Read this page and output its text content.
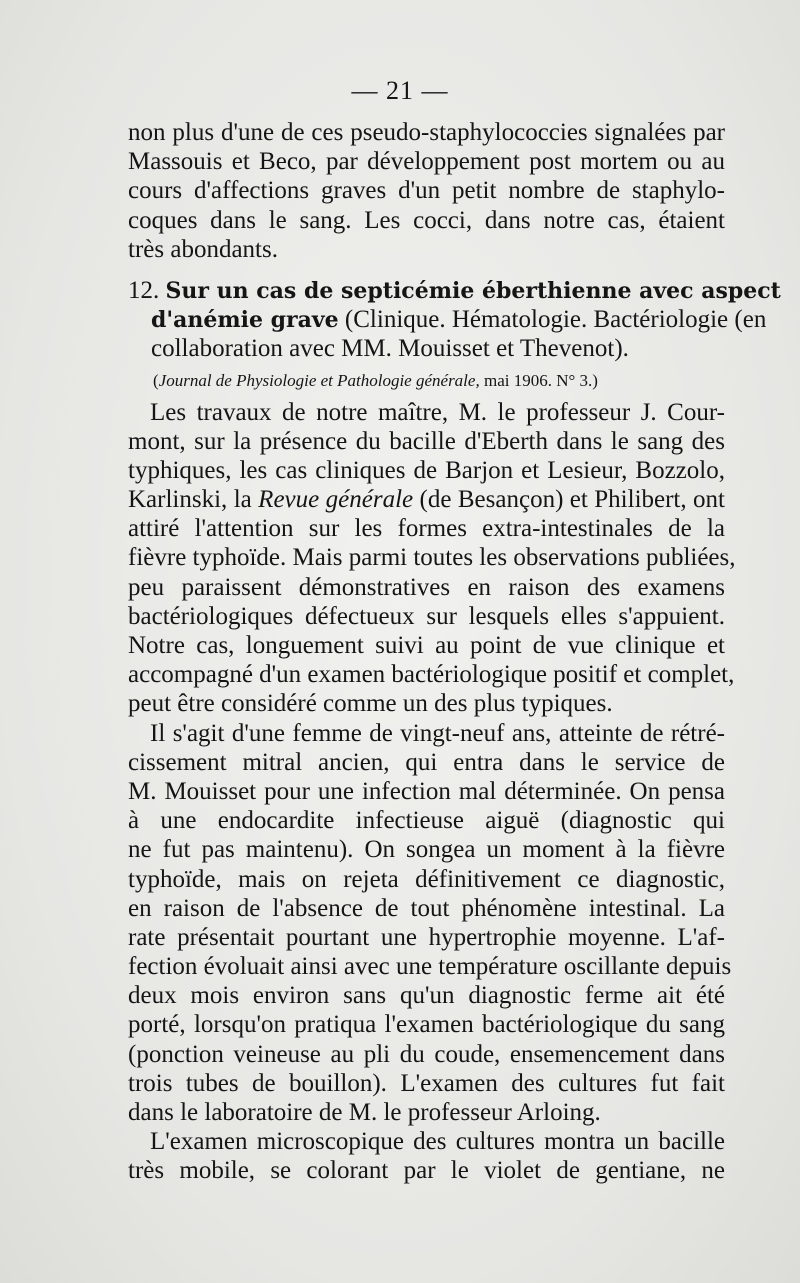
— 21 —
non plus d'une de ces pseudo-staphylococcies signalées par
Massouis et Beco, par développement post mortem ou au
cours d'affections graves d'un petit nombre de staphylo-
coques dans le sang. Les cocci, dans notre cas, étaient
très abondants.
12. Sur un cas de septicémie éberthienne avec aspect
d'anémie grave (Clinique. Hématologie. Bactériologie (en
collaboration avec MM. Mouisset et Thevenot).
(Journal de Physiologie et Pathologie générale, mai 1906. N° 3.)
Les travaux de notre maître, M. le professeur J. Cour-
mont, sur la présence du bacille d'Eberth dans le sang des
typhiques, les cas cliniques de Barjon et Lesieur, Bozzolo,
Karlinski, la Revue générale (de Besançon) et Philibert, ont
attiré l'attention sur les formes extra-intestinales de la
fièvre typhoïde. Mais parmi toutes les observations publiées,
peu paraissent démonstratives en raison des examens
bactériologiques défectueux sur lesquels elles s'appuient.
Notre cas, longuement suivi au point de vue clinique et
accompagné d'un examen bactériologique positif et complet,
peut être considéré comme un des plus typiques.
Il s'agit d'une femme de vingt-neuf ans, atteinte de rétré-
cissement mitral ancien, qui entra dans le service de
M. Mouisset pour une infection mal déterminée. On pensa
à une endocardite infectieuse aiguë (diagnostic qui
ne fut pas maintenu). On songea un moment à la fièvre
typhoïde, mais on rejeta définitivement ce diagnostic,
en raison de l'absence de tout phénomène intestinal. La
rate présentait pourtant une hypertrophie moyenne. L'af-
fection évoluait ainsi avec une température oscillante depuis
deux mois environ sans qu'un diagnostic ferme ait été
porté, lorsqu'on pratiqua l'examen bactériologique du sang
(ponction veineuse au pli du coude, ensemencement dans
trois tubes de bouillon). L'examen des cultures fut fait
dans le laboratoire de M. le professeur Arloing.
L'examen microscopique des cultures montra un bacille
très mobile, se colorant par le violet de gentiane, ne
